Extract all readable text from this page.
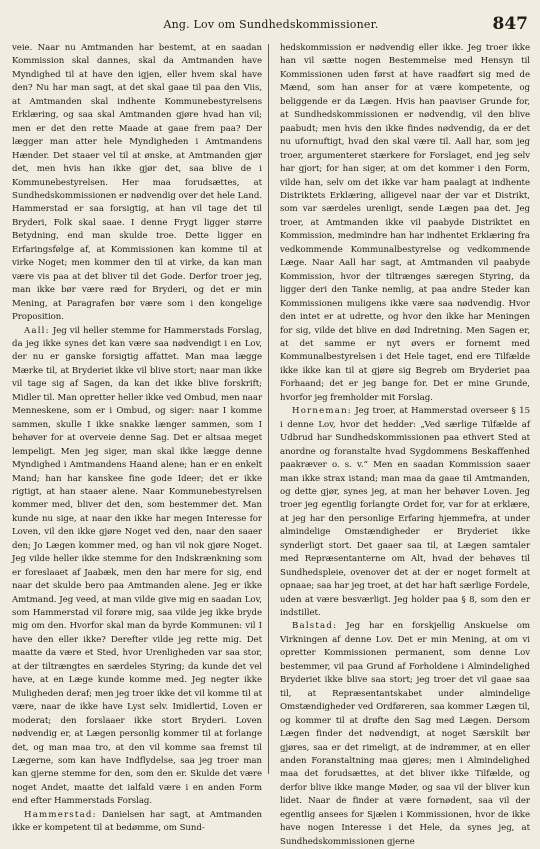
Ang. Lov om Sundhedskommissioner.	847

veie. Naar nu Amtmanden har bestemt, at en saadan Kommission skal dannes, skal da Amtmanden have Myndighed til at have den igjen, eller hvem skal have den? Nu har man sagt, at det skal gaae til paa den Viis, at Amtmanden skal indhente Kommunebestyrelsens Erklæring, og saa skal Amtmanden gjøre hvad han vil; men er det den rette Maade at gaae frem paa? Der lægger man atter hele Myndigheden i Amtmandens Hænder. Det staaer vel til at ønske, at Amtmanden gjør det, men hvis han ikke gjør det, saa blive de i Kommunebestyrelsen. Her maa forudsættes, at Sundhedskommissionen er nødvendig over det hele Land. Hammerstad er saa forsigtig, at han vil tage det til Bryderi, Folk skal saae. I denne Frygt ligger større Betydning, end man skulde troe. Dette ligger en Erfaringsfølge af, at Kommissionen kan komme til at virke Noget; men kommer den til at virke, da kan man være vis paa at det bliver til det Gode. Derfor troer jeg, man ikke bør være ræd for Bryderi, og det er min Mening, at Paragrafen bør være som i den kongelige Proposition.

Aall: Jeg vil heller stemme for Hammerstads Forslag, da jeg ikke synes det kan være saa nødvendigt i en Lov, der nu er ganske forsigtig affattet. Man maa lægge Mærke til, at Bryderiet ikke vil blive stort; naar man ikke vil tage sig af Sagen, da kan det ikke blive forskrift; Midler til. Man opretter heller ikke ved Ombud, men naar Menneskene, som er i Ombud, og siger: naar I komme sammen, skulle I ikke snakke længer sammen, som I behøver for at overveie denne Sag. Det er altsaa meget lempeligt. Men jeg siger, man skal ikke lægge denne Myndighed i Amtmandens Haand alene; han er en enkelt Mand; han har kanskee fine gode Ideer; det er ikke rigtigt, at han staaer alene. Naar Kommunebestyrelsen kommer med, bliver det den, som bestemmer det. Man kunde nu sige, at naar den ikke har megen Interesse for Loven, vil den ikke gjøre Noget ved den, naar den saaer den; Jo Lægen kommer med, og han vil nok gjøre Noget. Jeg vilde heller ikke stemme for den Indskrænkning som er foreslaaet af Jaabæk, men den har mere for sig, end naar det skulde bero paa Amtmanden alene. Jeg er ikke Amtmand. Jeg veed, at man vilde give mig en saadan Lov, som Hammerstad vil forøre mig, saa vilde jeg ikke bryde mig om den. Hvorfor skal man da byrde Kommunen: vil I have den eller ikke? Derefter vilde jeg rette mig. Det maatte da være et Sted, hvor Urenligheden var saa stor, at der tiltrængtes en særdeles Styring; da kunde det vel have, at en Læge kunde komme med. Jeg negter ikke Muligheden deraf; men jeg troer ikke det vil komme til at være, naar de ikke have Lyst selv. Imidlertid, Loven er moderat; den forslaaer ikke stort Bryderi. Loven nødvendig er, at Lægen personlig kommer til at forlange det, og man maa tro, at den vil komme saa fremst til Lægerne, som kan have Indflydelse, saa jeg troer man kan gjerne stemme for den, som den er. Skulde det være noget Andet, maatte det ialfald være i en anden Form end efter Hammerstads Forslag.

Hammerstad: Danielsen har sagt, at Amtmanden ikke er kompetent til at bedømme, om Sund-

hedskommission er nødvendig eller ikke. Jeg troer ikke han vil sætte nogen Bestemmelse med Hensyn til Kommissionen uden først at have raadført sig med de Mænd, som han anser for at være kompetente, og beliggende er da Lægen. Hvis han paaviser Grunde for, at Sundhedskommissionen er nødvendig, vil den blive paabudt; men hvis den ikke findes nødvendig, da er det nu ufornuftigt, hvad den skal være til. Aall har, som jeg troer, argumenteret stærkere for Forslaget, end jeg selv har gjort; for han siger, at om det kommer i den Form, vilde han, selv om det ikke var ham paalagt at indhente Distriktets Erklæring, alligevel naar der var et Distrikt, som var særdeles urenligt, sende Lægen paa det. Jeg troer, at Amtmanden ikke vil paabyde Distriktet en Kommission, medmindre han har indhentet Erklæring fra vedkommende Kommunalbestyrelse og vedkommende Læge. Naar Aall har sagt, at Amtmanden vil paabyde Kommission, hvor der tiltrænges særegen Styring, da ligger deri den Tanke nemlig, at paa andre Steder kan Kommissionen muligens ikke være saa nødvendig. Hvor den intet er at udrette, og hvor den ikke har Meningen for sig, vilde det blive en død Indretning. Men Sagen er, at det samme er nyt øvers er fornemt med Kommunalbestyrelsen i det Hele taget, end ere Tilfælde ikke ikke kan til at gjøre sig Begreb om Bryderiet paa Forhaand; det er jeg bange for. Det er mine Grunde, hvorfor jeg fremholder mit Forslag.

Horneman: Jeg troer, at Hammerstad overseer § 15 i denne Lov, hvor det hedder: „Ved særlige Tilfælde af Udbrud har Sundhedskommissionen paa ethvert Sted at anordne og foranstalte hvad Sygdommens Beskaffenhed paakræver o. s. v.“ Men en saadan Kommission saaer man ikke strax istand; man maa da gaae til Amtmanden, og dette gjør, synes jeg, at man her behøver Loven. Jeg troer jeg egentlig forlangte Ordet for, var for at erklære, at jeg har den personlige Erfaring hjemmefra, at under almindelige Omstændigheder er Bryderiet ikke synderligt stort. Det gaaer saa til, at Lægen samtaler med Repræsentanterne om Alt, hvad der behøves til Sundhedspleie, ovenover det at der er noget formelt at opnaae; saa har jeg troet, at det har haft særlige Fordele, uden at være besværligt. Jeg holder paa § 8, som den er indstillet.

Balstad: Jeg har en forskjellig Anskuelse om Virkningen af denne Lov. Det er min Mening, at om vi opretter Kommissionen permanent, som denne Lov bestemmer, vil paa Grund af Forholdene i Almindelighed Bryderiet ikke blive saa stort; jeg troer det vil gaae saa til, at Repræsentantskabet under almindelige Omstændigheder ved Ordføreren, saa kommer Lægen til, og kommer til at drøfte den Sag med Lægen. Dersom Lægen finder det nødvendigt, at noget Særskilt bør gjøres, saa er det rimeligt, at de indrømmer, at en eller anden Foranstaltning maa gjøres; men i Almindelighed maa det forudsættes, at det bliver ikke Tilfælde, og derfor blive ikke mange Møder, og saa vil der bliver kun lidet. Naar de finder at være fornødent, saa vil der egentlig ansees for Sjælen i Kommissionen, hvor de ikke have nogen Interesse i det Hele, da synes jeg, at Sundhedskommissionen gjerne
